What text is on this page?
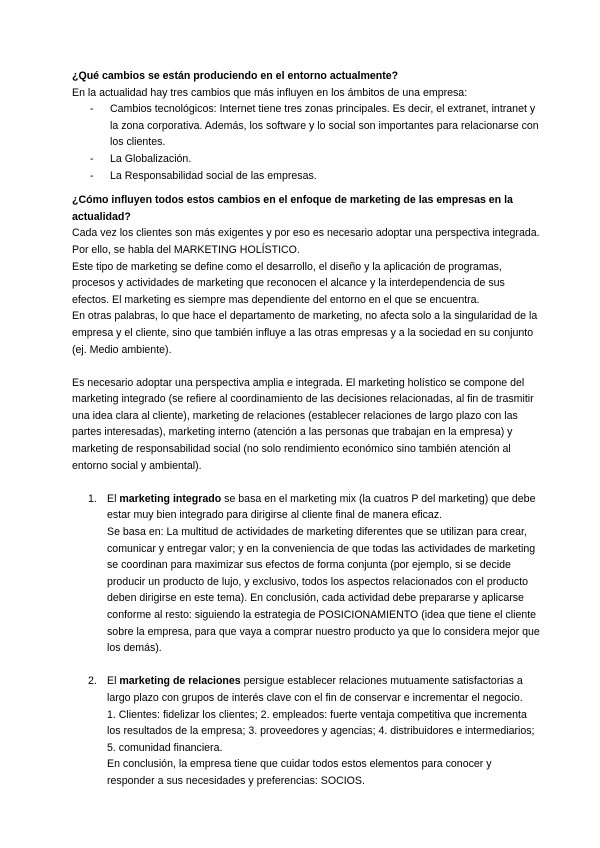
¿Qué cambios se están produciendo en el entorno actualmente?

En la actualidad hay tres cambios que más influyen en los ámbitos de una empresa:

- Cambios tecnológicos: Internet tiene tres zonas principales. Es decir, el extranet, intranet y la zona corporativa. Además, los software y lo social son importantes para relacionarse con los clientes.
- La Globalización.
- La Responsabilidad social de las empresas.

¿Cómo influyen todos estos cambios en el enfoque de marketing de las empresas en la actualidad?

Cada vez los clientes son más exigentes y por eso es necesario adoptar una perspectiva integrada. Por ello, se habla del MARKETING HOLÍSTICO.

Este tipo de marketing se define como el desarrollo, el diseño y la aplicación de programas, procesos y actividades de marketing que reconocen el alcance y la interdependencia de sus efectos. El marketing es siempre mas dependiente del entorno en el que se encuentra.

En otras palabras, lo que hace el departamento de marketing, no afecta solo a la singularidad de la empresa y el cliente, sino que también influye a las otras empresas y a la sociedad en su conjunto (ej. Medio ambiente).

Es necesario adoptar una perspectiva amplia e integrada. El marketing holístico se compone del marketing integrado (se refiere al coordinamiento de las decisiones relacionadas, al fin de trasmitir una idea clara al cliente), marketing de relaciones (establecer relaciones de largo plazo con las partes interesadas), marketing interno (atención a las personas que trabajan en la empresa) y marketing de responsabilidad social (no solo rendimiento económico sino también atención al entorno social y ambiental).

1. El marketing integrado se basa en el marketing mix (la cuatros P del marketing) que debe estar muy bien integrado para dirigirse al cliente final de manera eficaz.

Se basa en: La multitud de actividades de marketing diferentes que se utilizan para crear, comunicar y entregar valor; y en la conveniencia de que todas las actividades de marketing se coordinan para maximizar sus efectos de forma conjunta (por ejemplo, si se decide producir un producto de lujo, y exclusivo, todos los aspectos relacionados con el producto deben dirigirse en este tema). En conclusión, cada actividad debe prepararse y aplicarse conforme al resto: siguiendo la estrategia de POSICIONAMIENTO (idea que tiene el cliente sobre la empresa, para que vaya a comprar nuestro producto ya que lo considera mejor que los demás).

2. El marketing de relaciones persigue establecer relaciones mutuamente satisfactorias a largo plazo con grupos de interés clave con el fin de conservar e incrementar el negocio.

1. Clientes: fidelizar los clientes; 2. empleados: fuerte ventaja competitiva que incrementa los resultados de la empresa; 3. proveedores y agencias; 4. distribuidores e intermediarios; 5. comunidad financiera.

En conclusión, la empresa tiene que cuidar todos estos elementos para conocer y responder a sus necesidades y preferencias: SOCIOS.
